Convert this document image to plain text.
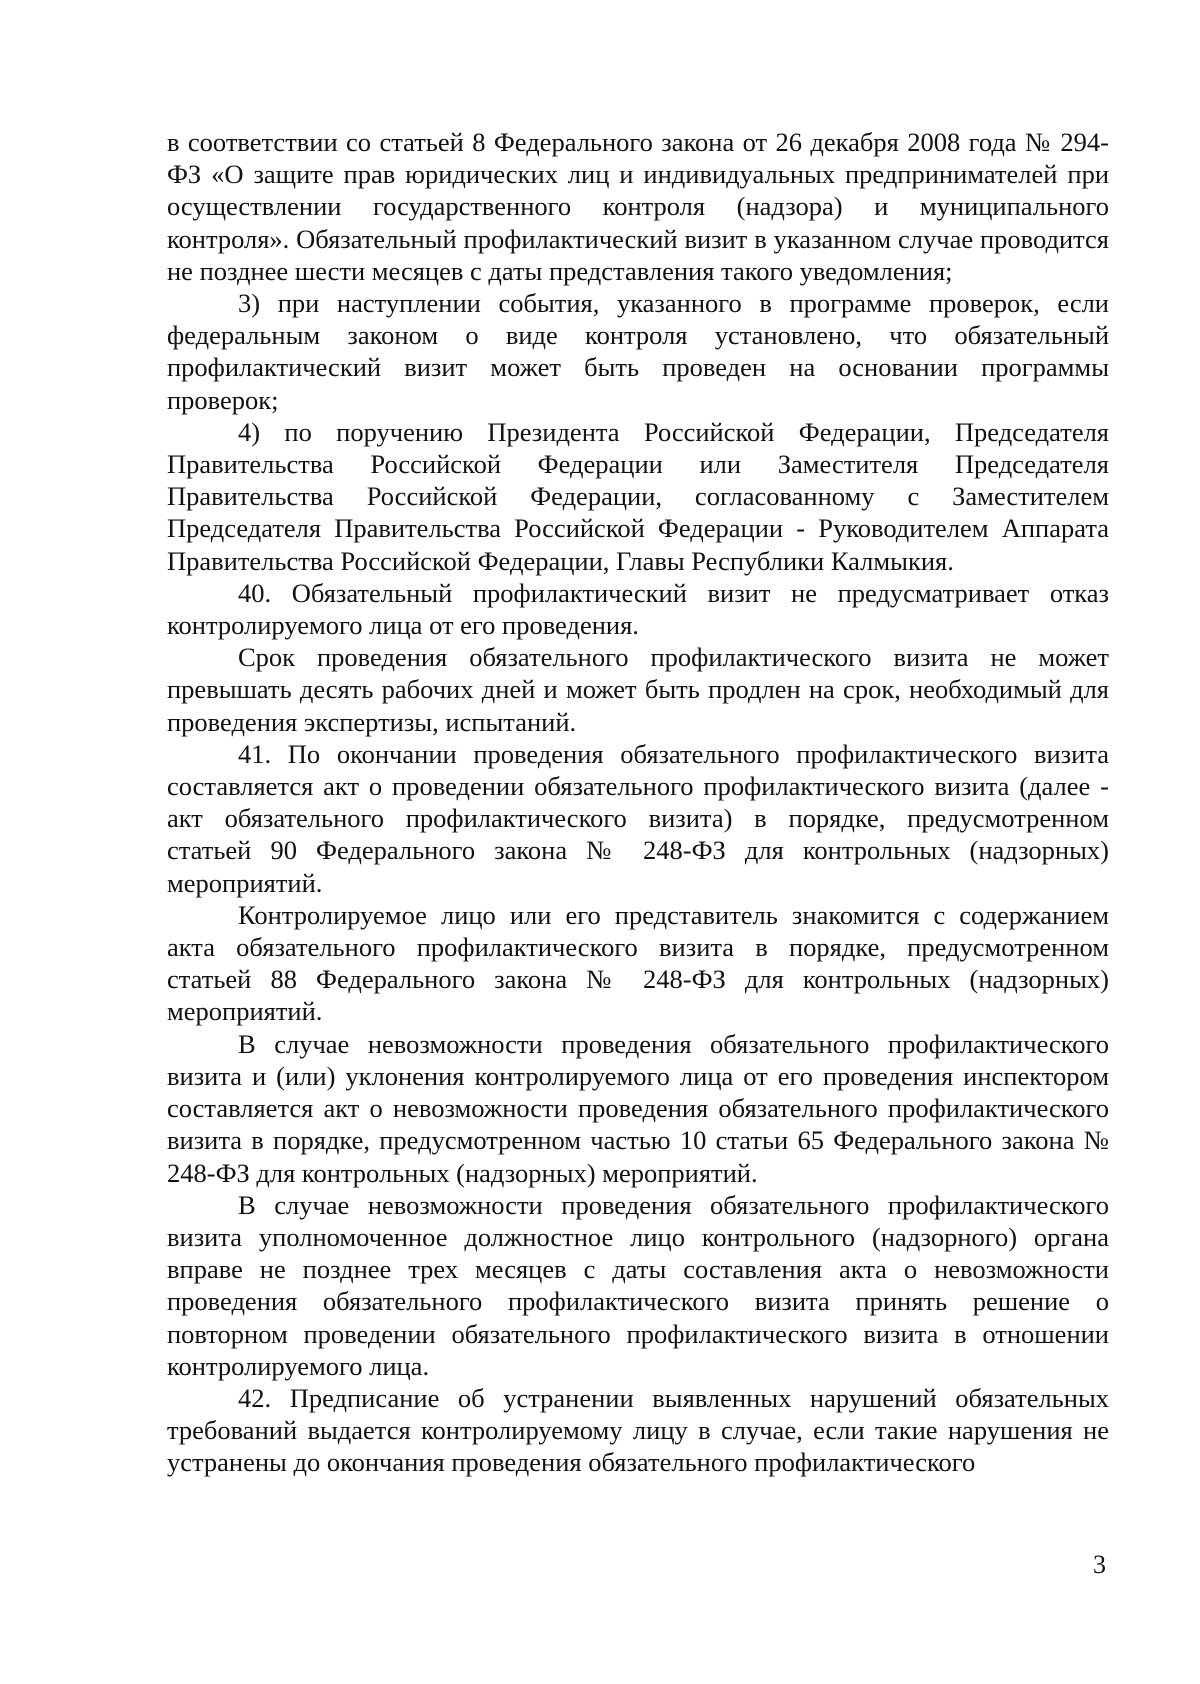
в соответствии со статьей 8 Федерального закона от 26 декабря 2008 года № 294-ФЗ «О защите прав юридических лиц и индивидуальных предпринимателей при осуществлении государственного контроля (надзора) и муниципального контроля». Обязательный профилактический визит в указанном случае проводится не позднее шести месяцев с даты представления такого уведомления;

3) при наступлении события, указанного в программе проверок, если федеральным законом о виде контроля установлено, что обязательный профилактический визит может быть проведен на основании программы проверок;

4) по поручению Президента Российской Федерации, Председателя Правительства Российской Федерации или Заместителя Председателя Правительства Российской Федерации, согласованному с Заместителем Председателя Правительства Российской Федерации - Руководителем Аппарата Правительства Российской Федерации, Главы Республики Калмыкия.

40. Обязательный профилактический визит не предусматривает отказ контролируемого лица от его проведения.

Срок проведения обязательного профилактического визита не может превышать десять рабочих дней и может быть продлен на срок, необходимый для проведения экспертизы, испытаний.

41. По окончании проведения обязательного профилактического визита составляется акт о проведении обязательного профилактического визита (далее - акт обязательного профилактического визита) в порядке, предусмотренном статьей 90 Федерального закона № 248-ФЗ для контрольных (надзорных) мероприятий.

Контролируемое лицо или его представитель знакомится с содержанием акта обязательного профилактического визита в порядке, предусмотренном статьей 88 Федерального закона № 248-ФЗ для контрольных (надзорных) мероприятий.

В случае невозможности проведения обязательного профилактического визита и (или) уклонения контролируемого лица от его проведения инспектором составляется акт о невозможности проведения обязательного профилактического визита в порядке, предусмотренном частью 10 статьи 65 Федерального закона № 248-ФЗ для контрольных (надзорных) мероприятий.

В случае невозможности проведения обязательного профилактического визита уполномоченное должностное лицо контрольного (надзорного) органа вправе не позднее трех месяцев с даты составления акта о невозможности проведения обязательного профилактического визита принять решение о повторном проведении обязательного профилактического визита в отношении контролируемого лица.

42. Предписание об устранении выявленных нарушений обязательных требований выдается контролируемому лицу в случае, если такие нарушения не устранены до окончания проведения обязательного профилактического

3
